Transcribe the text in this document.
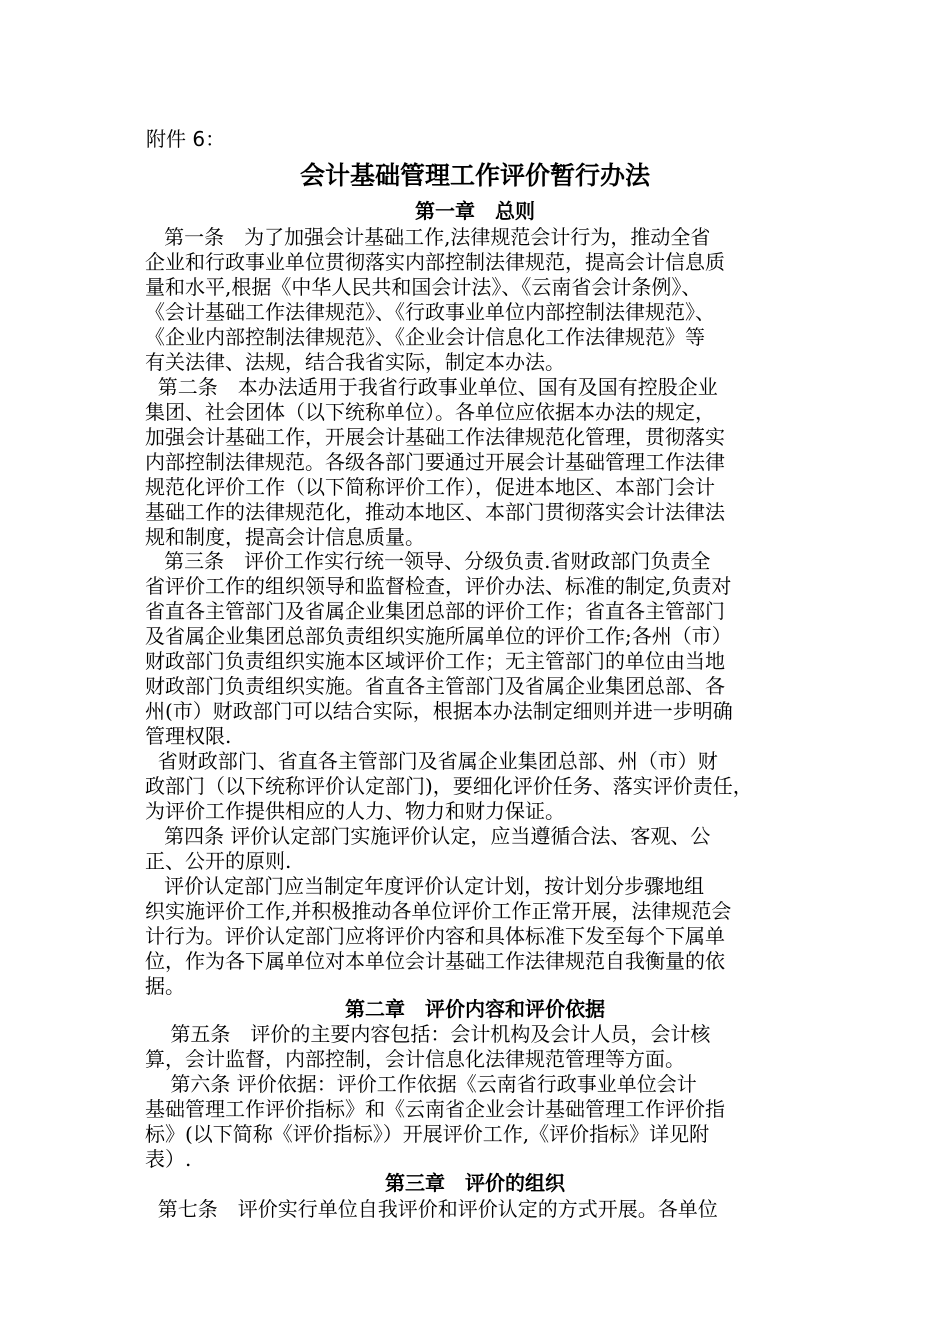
附件 6：
会计基础管理工作评价暂行办法
第一章　总则
第一条　为了加强会计基础工作,法律规范会计行为，推动全省
企业和行政事业单位贯彻落实内部控制法律规范，提高会计信息质
量和水平,根据《中华人民共和国会计法》、《云南省会计条例》、
《会计基础工作法律规范》、《行政事业单位内部控制法律规范》、
《企业内部控制法律规范》、《企业会计信息化工作法律规范》等
有关法律、法规，结合我省实际，制定本办法。
第二条　本办法适用于我省行政事业单位、国有及国有控股企业
集团、社会团体（以下统称单位）。各单位应依据本办法的规定，
加强会计基础工作，开展会计基础工作法律规范化管理，贯彻落实
内部控制法律规范。各级各部门要通过开展会计基础管理工作法律
规范化评价工作（以下简称评价工作），促进本地区、本部门会计
基础工作的法律规范化，推动本地区、本部门贯彻落实会计法律法
规和制度，提高会计信息质量。
第三条　评价工作实行统一领导、分级负责.省财政部门负责全
省评价工作的组织领导和监督检查，评价办法、标准的制定,负责对
省直各主管部门及省属企业集团总部的评价工作；省直各主管部门
及省属企业集团总部负责组织实施所属单位的评价工作;各州（市）
财政部门负责组织实施本区域评价工作；无主管部门的单位由当地
财政部门负责组织实施。省直各主管部门及省属企业集团总部、各
州(市）财政部门可以结合实际，根据本办法制定细则并进一步明确
管理权限.
省财政部门、省直各主管部门及省属企业集团总部、州（市）财
政部门（以下统称评价认定部门)，要细化评价任务、落实评价责任，
为评价工作提供相应的人力、物力和财力保证。
第四条 评价认定部门实施评价认定，应当遵循合法、客观、公
正、公开的原则.
评价认定部门应当制定年度评价认定计划，按计划分步骤地组
织实施评价工作,并积极推动各单位评价工作正常开展，法律规范会
计行为。评价认定部门应将评价内容和具体标准下发至每个下属单
位，作为各下属单位对本单位会计基础工作法律规范自我衡量的依
据。
第二章　评价内容和评价依据
第五条　评价的主要内容包括：会计机构及会计人员，会计核
算，会计监督，内部控制，会计信息化法律规范管理等方面。
第六条 评价依据：评价工作依据《云南省行政事业单位会计
基础管理工作评价指标》和《云南省企业会计基础管理工作评价指
标》(以下简称《评价指标》）开展评价工作,《评价指标》详见附
表）.
第三章　评价的组织
第七条　评价实行单位自我评价和评价认定的方式开展。各单位
